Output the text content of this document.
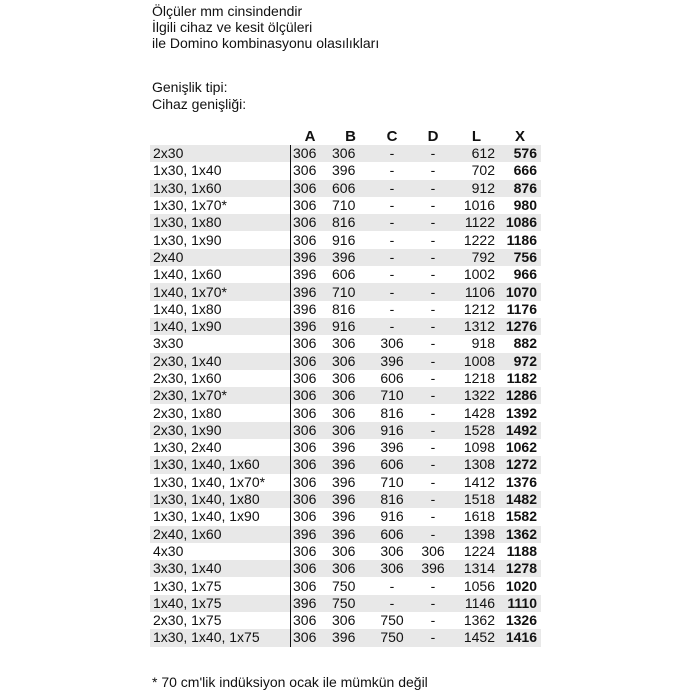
Ölçüler mm cinsindendir
İlgili cihaz ve kesit ölçüleri
ile Domino kombinasyonu olasılıkları
Genişlik tipi:
Cihaz genişliği:
	A	B	C	D	L	X
2x30	306	306	-	-	612	576
1x30, 1x40	306	396	-	-	702	666
1x30, 1x60	306	606	-	-	912	876
1x30, 1x70*	306	710	-	-	1016	980
1x30, 1x80	306	816	-	-	1122	1086
1x30, 1x90	306	916	-	-	1222	1186
2x40	396	396	-	-	792	756
1x40, 1x60	396	606	-	-	1002	966
1x40, 1x70*	396	710	-	-	1106	1070
1x40, 1x80	396	816	-	-	1212	1176
1x40, 1x90	396	916	-	-	1312	1276
3x30	306	306	306	-	918	882
2x30, 1x40	306	306	396	-	1008	972
2x30, 1x60	306	306	606	-	1218	1182
2x30, 1x70*	306	306	710	-	1322	1286
2x30, 1x80	306	306	816	-	1428	1392
2x30, 1x90	306	306	916	-	1528	1492
1x30, 2x40	306	396	396	-	1098	1062
1x30, 1x40, 1x60	306	396	606	-	1308	1272
1x30, 1x40, 1x70*	306	396	710	-	1412	1376
1x30, 1x40, 1x80	306	396	816	-	1518	1482
1x30, 1x40, 1x90	306	396	916	-	1618	1582
2x40, 1x60	396	396	606	-	1398	1362
4x30	306	306	306	306	1224	1188
3x30, 1x40	306	306	306	396	1314	1278
1x30, 1x75	306	750	-	-	1056	1020
1x40, 1x75	396	750	-	-	1146	1110
2x30, 1x75	306	306	750	-	1362	1326
1x30, 1x40, 1x75	306	396	750	-	1452	1416
* 70 cm'lik indüksiyon ocak ile mümkün değil
